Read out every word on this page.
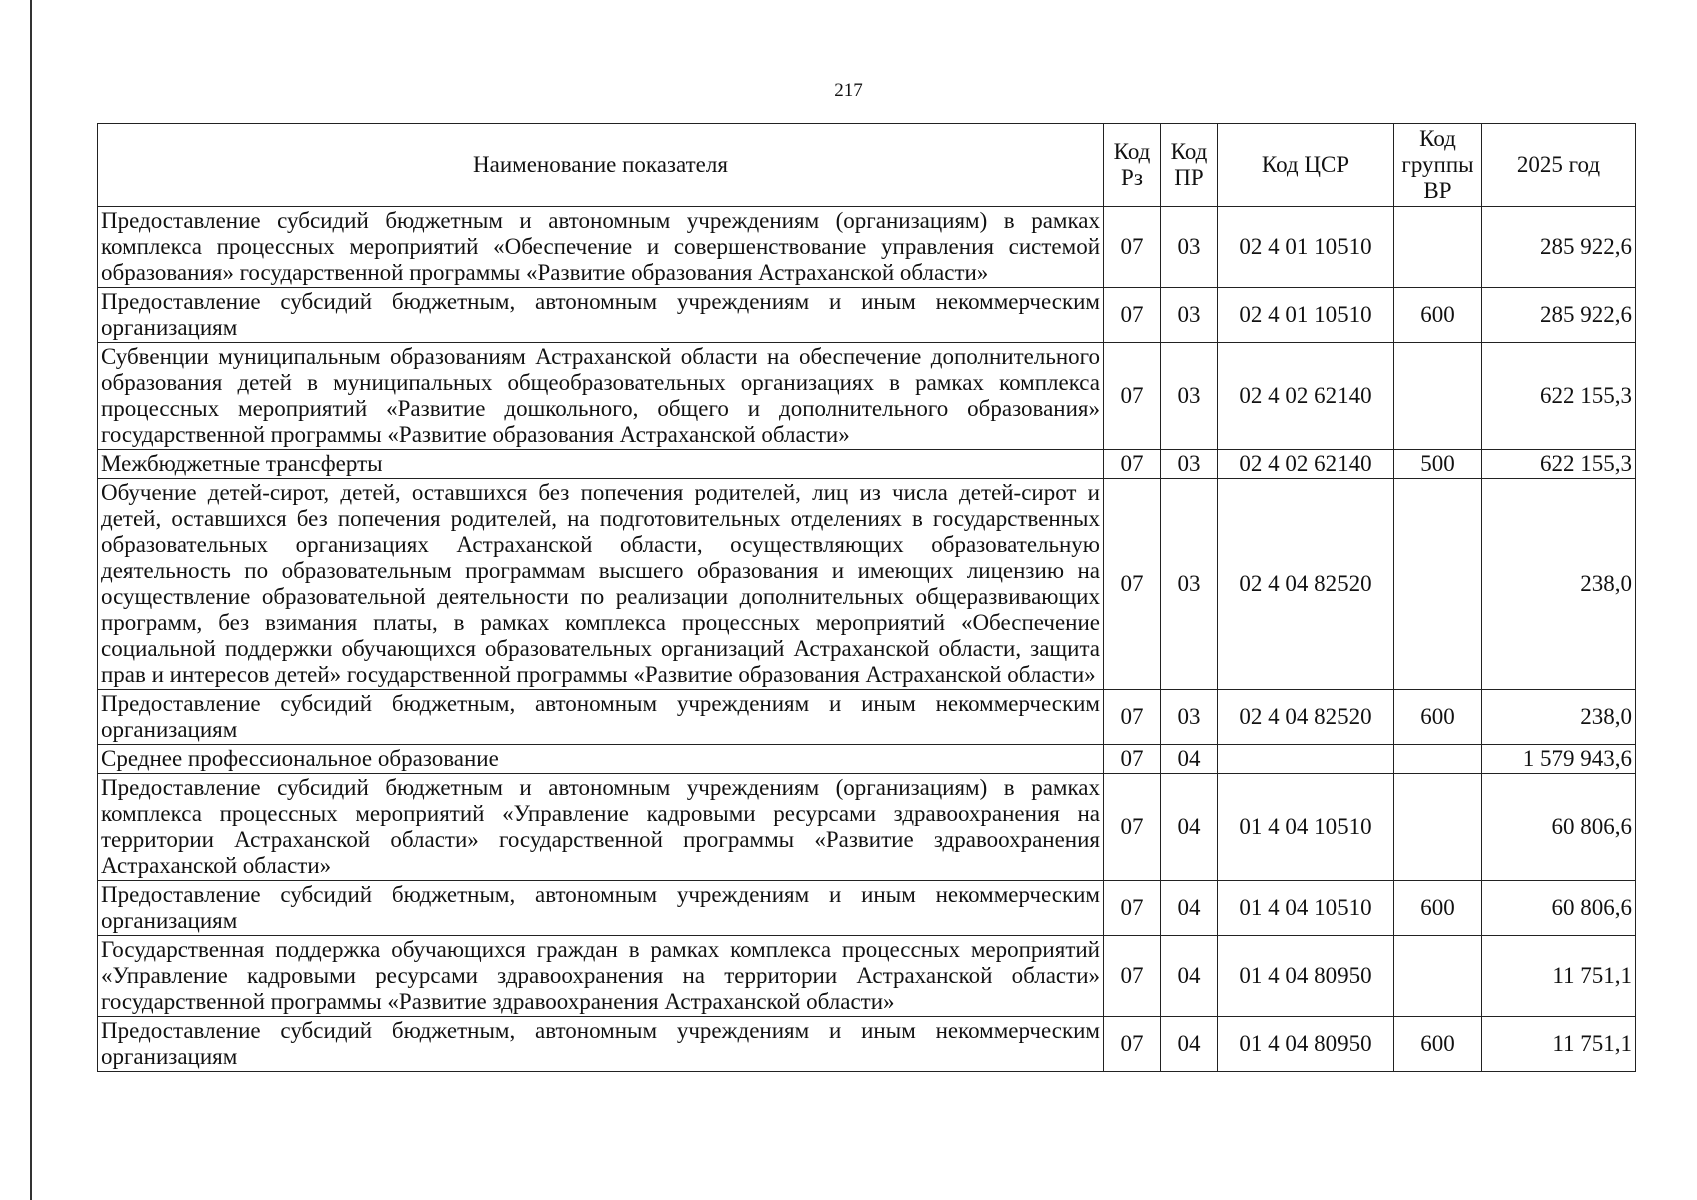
217
Наименование показателя	Код Рз	Код ПР	Код ЦСР	Код группы ВР	2025 год
Предоставление субсидий бюджетным и автономным учреждениям (организациям) в рамках комплекса процессных мероприятий «Обеспечение и совершенствование управления системой образования» государственной программы «Развитие образования Астраханской области»	07	03	02 4 01 10510		285 922,6
Предоставление субсидий бюджетным, автономным учреждениям и иным некоммерческим организациям	07	03	02 4 01 10510	600	285 922,6
Субвенции муниципальным образованиям Астраханской области на обеспечение дополнительного образования детей в муниципальных общеобразовательных организациях в рамках комплекса процессных мероприятий «Развитие дошкольного, общего и дополнительного образования» государственной программы «Развитие образования Астраханской области»	07	03	02 4 02 62140		622 155,3
Межбюджетные трансферты	07	03	02 4 02 62140	500	622 155,3
Обучение детей-сирот, детей, оставшихся без попечения родителей, лиц из числа детей-сирот и детей, оставшихся без попечения родителей, на подготовительных отделениях в государственных образовательных организациях Астраханской области, осуществляющих образовательную деятельность по образовательным программам высшего образования и имеющих лицензию на осуществление образовательной деятельности по реализации дополнительных общеразвивающих программ, без взимания платы, в рамках комплекса процессных мероприятий «Обеспечение социальной поддержки обучающихся образовательных организаций Астраханской области, защита прав и интересов детей» государственной программы «Развитие образования Астраханской области»	07	03	02 4 04 82520		238,0
Предоставление субсидий бюджетным, автономным учреждениям и иным некоммерческим организациям	07	03	02 4 04 82520	600	238,0
Среднее профессиональное образование	07	04			1 579 943,6
Предоставление субсидий бюджетным и автономным учреждениям (организациям) в рамках комплекса процессных мероприятий «Управление кадровыми ресурсами здравоохранения на территории Астраханской области» государственной программы «Развитие здравоохранения Астраханской области»	07	04	01 4 04 10510		60 806,6
Предоставление субсидий бюджетным, автономным учреждениям и иным некоммерческим организациям	07	04	01 4 04 10510	600	60 806,6
Государственная поддержка обучающихся граждан в рамках комплекса процессных мероприятий «Управление кадровыми ресурсами здравоохранения на территории Астраханской области» государственной программы «Развитие здравоохранения Астраханской области»	07	04	01 4 04 80950		11 751,1
Предоставление субсидий бюджетным, автономным учреждениям и иным некоммерческим организациям	07	04	01 4 04 80950	600	11 751,1
